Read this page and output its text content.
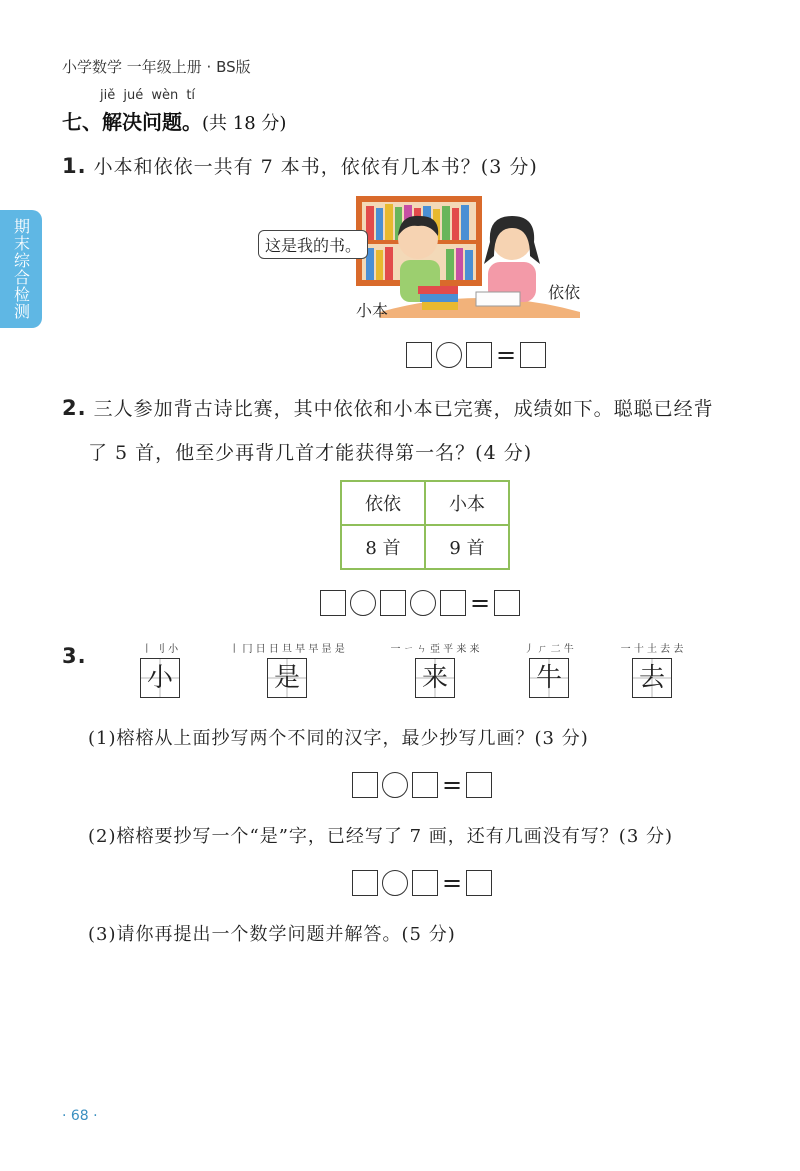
小学数学 一年级上册 · BS版
期末综合检测
jiě jué wèn tí
七、解决问题。(共 18 分)
1. 小本和依依一共有 7 本书，依依有几本书？(3 分)
这是我的书。
小本
依依
=
2. 三人参加背古诗比赛，其中依依和小本已完赛，成绩如下。聪聪已经背
了 5 首，他至少再背几首才能获得第一名？(4 分)
依依	小本
8 首	9 首
=
3.	丨 刂 小
小
丨 冂 日 日 旦 早 早 昰 是
是
一 ㄧ ㄣ 亞 平 来 来
来
丿 ㄏ 二 牛
牛
一 十 土 去 去
去
(1)榕榕从上面抄写两个不同的汉字，最少抄写几画？(3 分)
=
(2)榕榕要抄写一个“是”字，已经写了 7 画，还有几画没有写？(3 分)
=
(3)请你再提出一个数学问题并解答。(5 分)
· 68 ·
